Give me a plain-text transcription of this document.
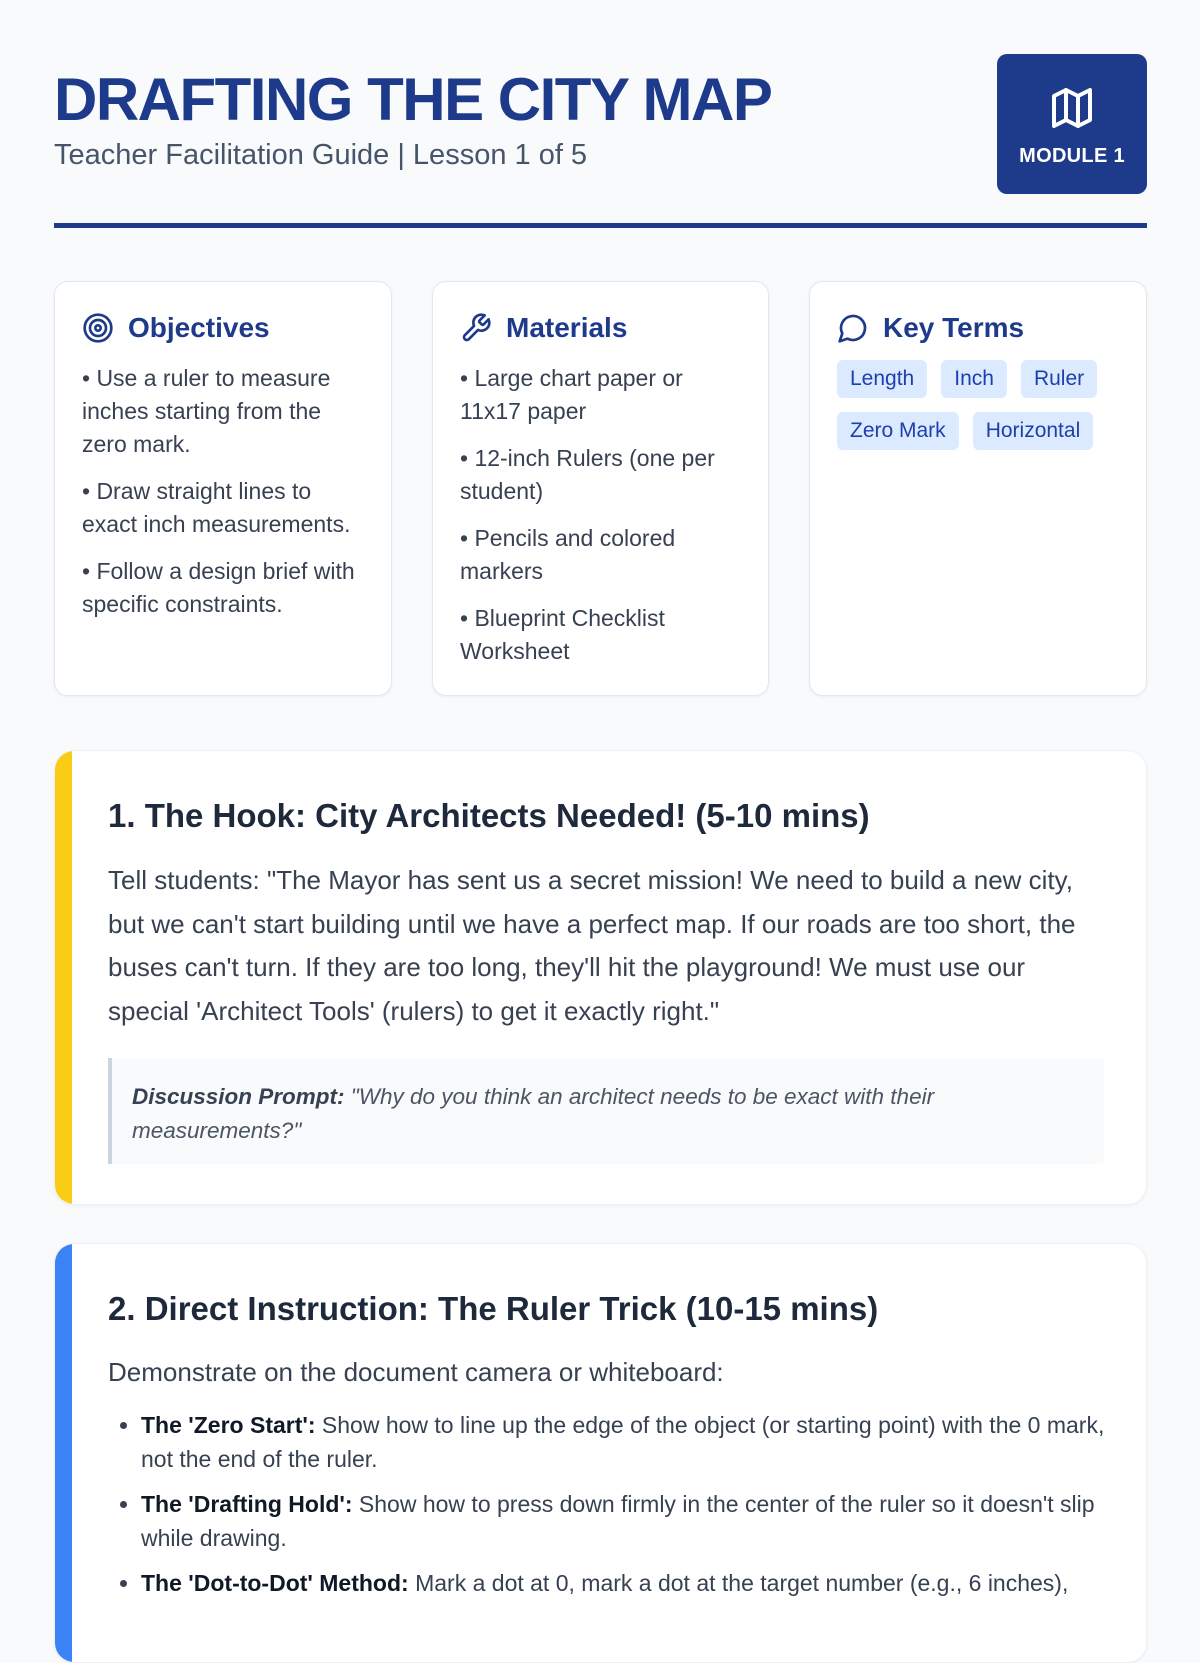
DRAFTING THE CITY MAP
Teacher Facilitation Guide | Lesson 1 of 5	MODULE 1
Objectives
• Use a ruler to measure inches starting from the zero mark.
• Draw straight lines to exact inch measurements.
• Follow a design brief with specific constraints.
Materials
• Large chart paper or 11x17 paper
• 12-inch Rulers (one per student)
• Pencils and colored markers
• Blueprint Checklist Worksheet
Key Terms
Length	Inch	Ruler
Zero Mark	Horizontal
1. The Hook: City Architects Needed! (5-10 mins)

Tell students: "The Mayor has sent us a secret mission! We need to build a new city, but we can't start building until we have a perfect map. If our roads are too short, the buses can't turn. If they are too long, they'll hit the playground! We must use our special 'Architect Tools' (rulers) to get it exactly right."

Discussion Prompt: "Why do you think an architect needs to be exact with their measurements?"
2. Direct Instruction: The Ruler Trick (10-15 mins)

Demonstrate on the document camera or whiteboard:

• The 'Zero Start': Show how to line up the edge of the object (or starting point) with the 0 mark, not the end of the ruler.
• The 'Drafting Hold': Show how to press down firmly in the center of the ruler so it doesn't slip while drawing.
• The 'Dot-to-Dot' Method: Mark a dot at 0, mark a dot at the target number (e.g., 6 inches),
